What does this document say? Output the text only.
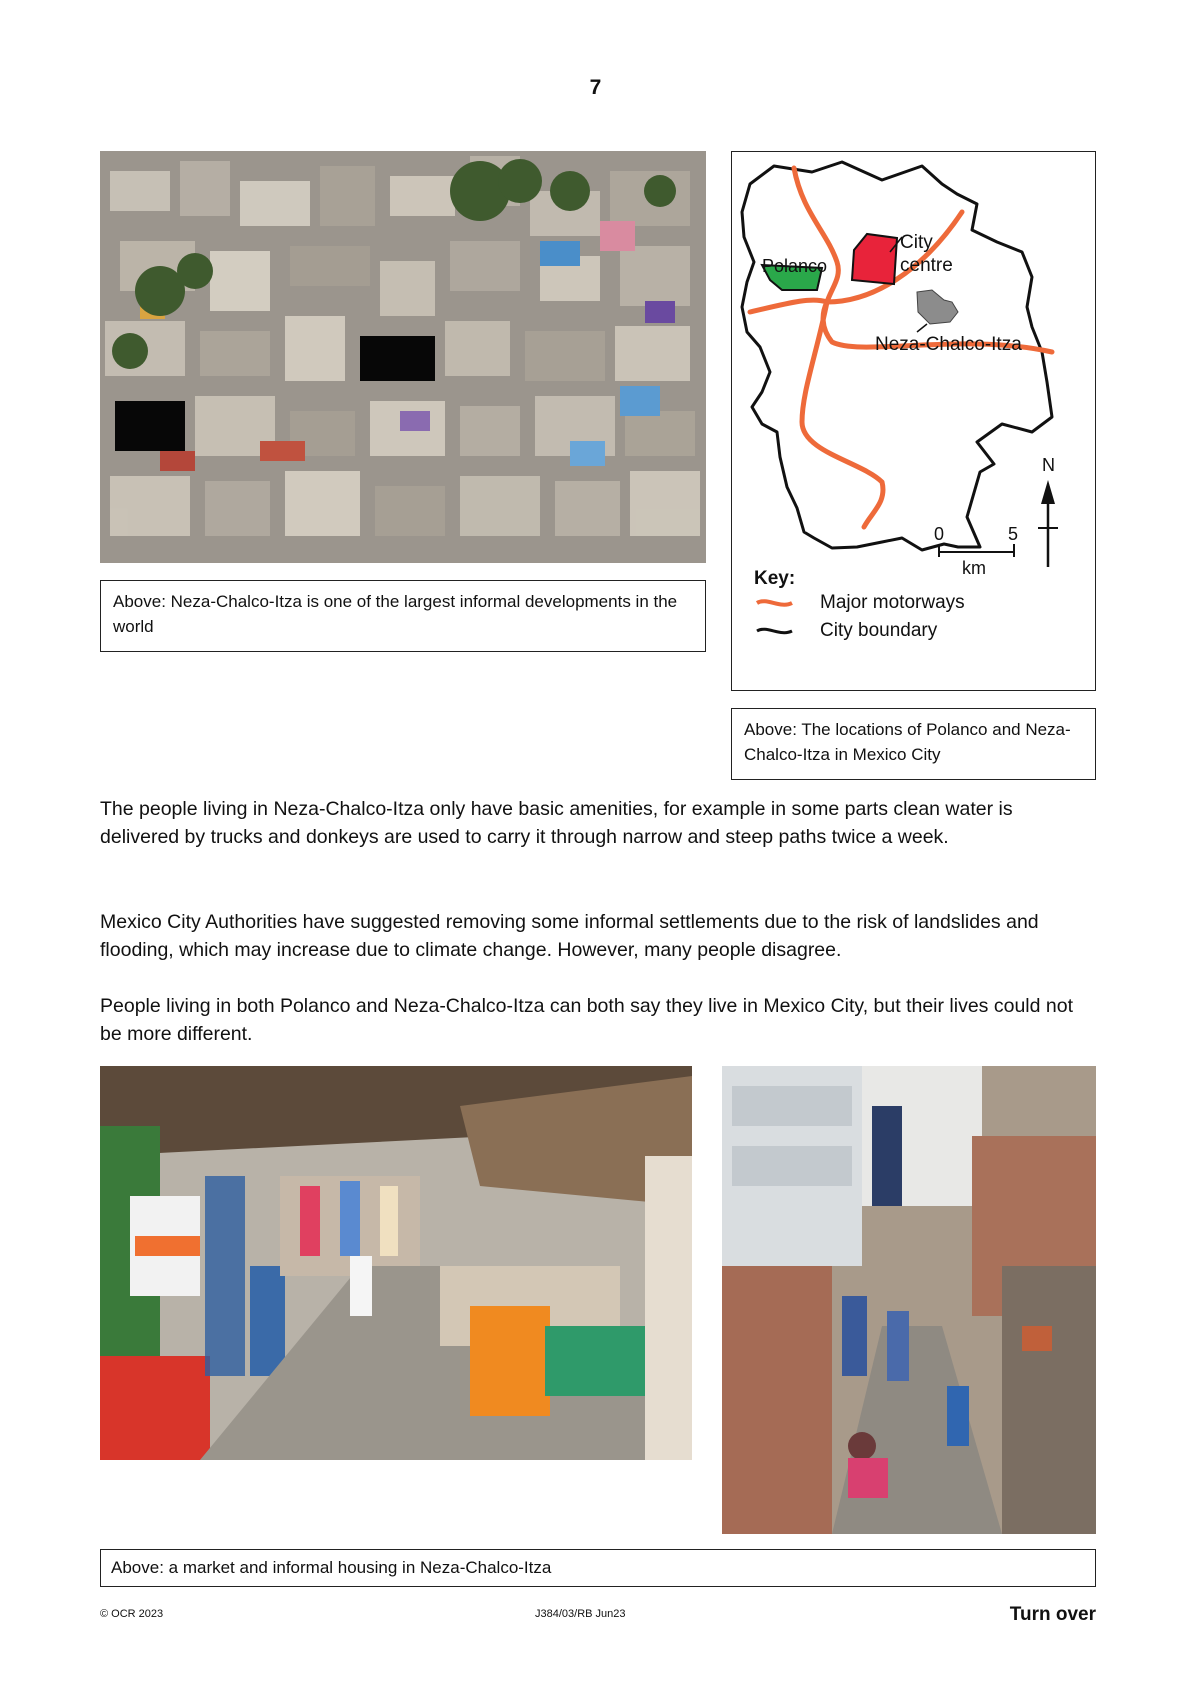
7
Above: Neza-Chalco-Itza is one of the largest informal developments in the world
Polanco
City
centre
Neza-Chalco-Itza
N
0	5
km
Key:
Major motorways
City boundary
Above: The locations of Polanco and Neza-Chalco-Itza in Mexico City
The people living in Neza-Chalco-Itza only have basic amenities, for example in some parts clean water is delivered by trucks and donkeys are used to carry it through narrow and steep paths twice a week.
Mexico City Authorities have suggested removing some informal settlements due to the risk of landslides and flooding, which may increase due to climate change. However, many people disagree.
People living in both Polanco and Neza-Chalco-Itza can both say they live in Mexico City, but their lives could not be more different.
Above: a market and informal housing in Neza-Chalco-Itza
© OCR 2023	J384/03/RB Jun23	Turn over
